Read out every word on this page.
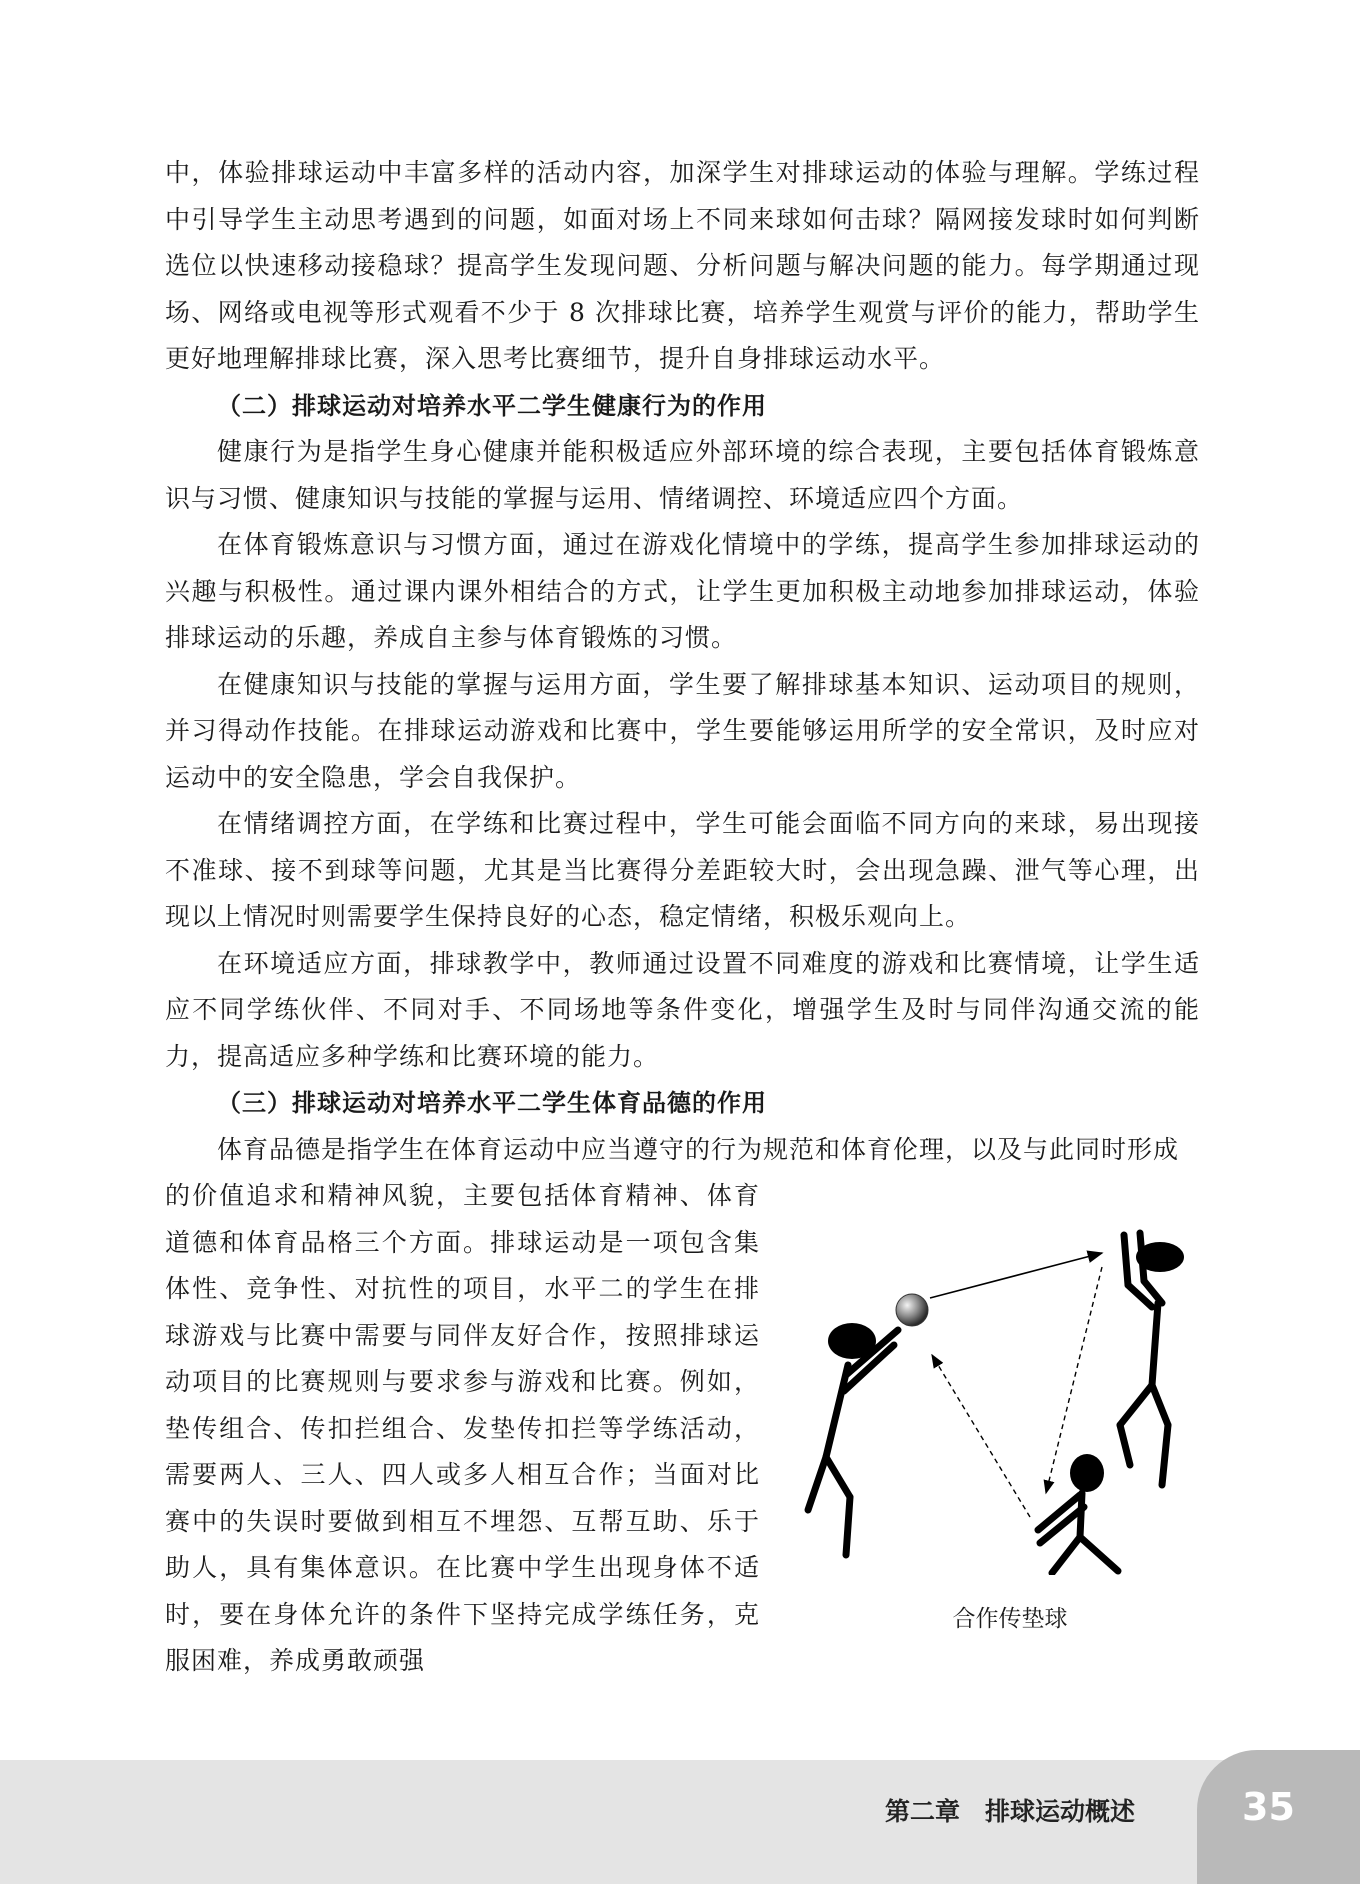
中，体验排球运动中丰富多样的活动内容，加深学生对排球运动的体验与理解。学练过程中引导学生主动思考遇到的问题，如面对场上不同来球如何击球？隔网接发球时如何判断选位以快速移动接稳球？提高学生发现问题、分析问题与解决问题的能力。每学期通过现场、网络或电视等形式观看不少于 8 次排球比赛，培养学生观赏与评价的能力，帮助学生更好地理解排球比赛，深入思考比赛细节，提升自身排球运动水平。

（二）排球运动对培养水平二学生健康行为的作用

健康行为是指学生身心健康并能积极适应外部环境的综合表现，主要包括体育锻炼意识与习惯、健康知识与技能的掌握与运用、情绪调控、环境适应四个方面。

在体育锻炼意识与习惯方面，通过在游戏化情境中的学练，提高学生参加排球运动的兴趣与积极性。通过课内课外相结合的方式，让学生更加积极主动地参加排球运动，体验排球运动的乐趣，养成自主参与体育锻炼的习惯。

在健康知识与技能的掌握与运用方面，学生要了解排球基本知识、运动项目的规则，并习得动作技能。在排球运动游戏和比赛中，学生要能够运用所学的安全常识，及时应对运动中的安全隐患，学会自我保护。

在情绪调控方面，在学练和比赛过程中，学生可能会面临不同方向的来球，易出现接不准球、接不到球等问题，尤其是当比赛得分差距较大时，会出现急躁、泄气等心理，出现以上情况时则需要学生保持良好的心态，稳定情绪，积极乐观向上。

在环境适应方面，排球教学中，教师通过设置不同难度的游戏和比赛情境，让学生适应不同学练伙伴、不同对手、不同场地等条件变化，增强学生及时与同伴沟通交流的能力，提高适应多种学练和比赛环境的能力。

（三）排球运动对培养水平二学生体育品德的作用

体育品德是指学生在体育运动中应当遵守的行为规范和体育伦理，以及与此同时形成

的价值追求和精神风貌，主要包括体育精神、体育道德和体育品格三个方面。排球运动是一项包含集体性、竞争性、对抗性的项目，水平二的学生在排球游戏与比赛中需要与同伴友好合作，按照排球运动项目的比赛规则与要求参与游戏和比赛。例如，垫传组合、传扣拦组合、发垫传扣拦等学练活动，需要两人、三人、四人或多人相互合作；当面对比赛中的失误时要做到相互不埋怨、互帮互助、乐于助人，具有集体意识。在比赛中学生出现身体不适时，要在身体允许的条件下坚持完成学练任务，克服困难，养成勇敢顽强

合作传垫球
第二章　排球运动概述	35
